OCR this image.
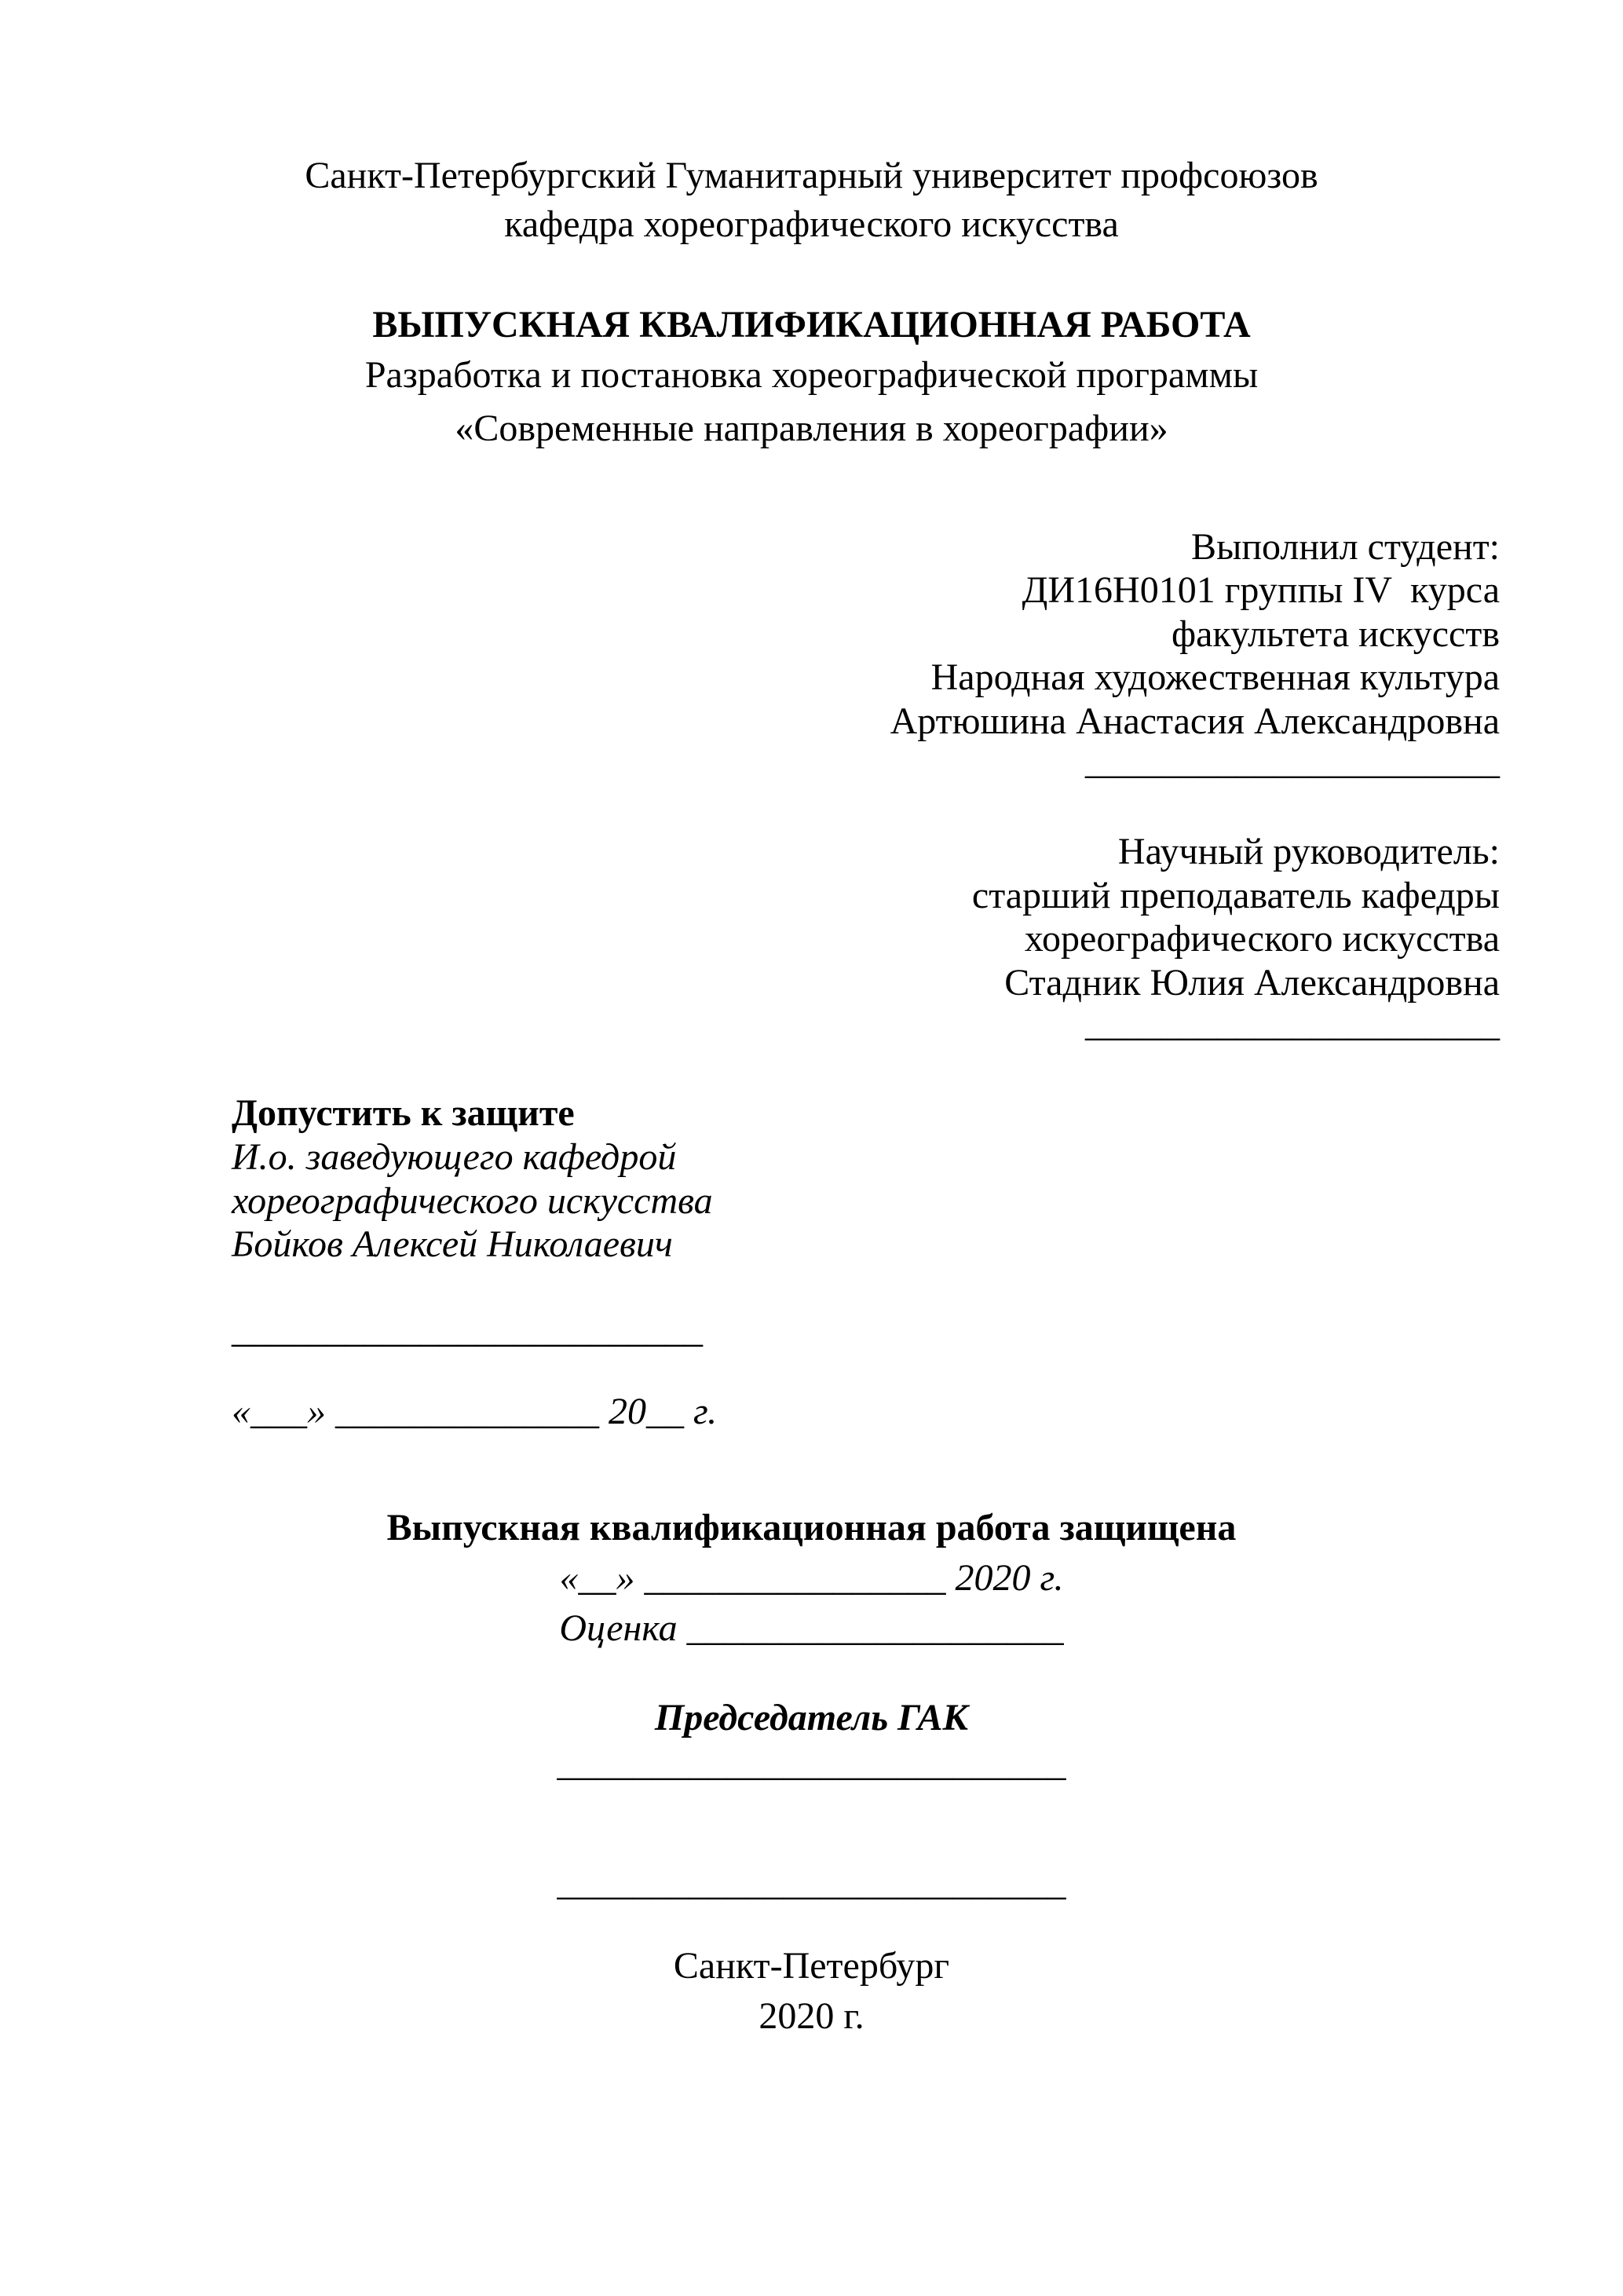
Санкт-Петербургский Гуманитарный университет профсоюзов

кафедра хореографического искусства

ВЫПУСКНАЯ КВАЛИФИКАЦИОННАЯ РАБОТА

Разработка и постановка хореографической программы

«Современные направления в хореографии»

Выполнил студент:

ДИ16Н0101 группы IV  курса

факультета искусств

Народная художественная культура

Артюшина Анастасия Александровна

______________________

Научный руководитель:

старший преподаватель кафедры

хореографического искусства

Стадник Юлия Александровна

______________________

Допустить к защите

И.о. заведующего кафедрой

хореографического искусства

Бойков Алексей Николаевич

_________________________

«___» ______________ 20__ г.

Выпускная квалификационная работа защищена

«__» ________________ 2020 г.

Оценка ____________________

Председатель ГАК

___________________________

___________________________

Санкт-Петербург

2020 г.
